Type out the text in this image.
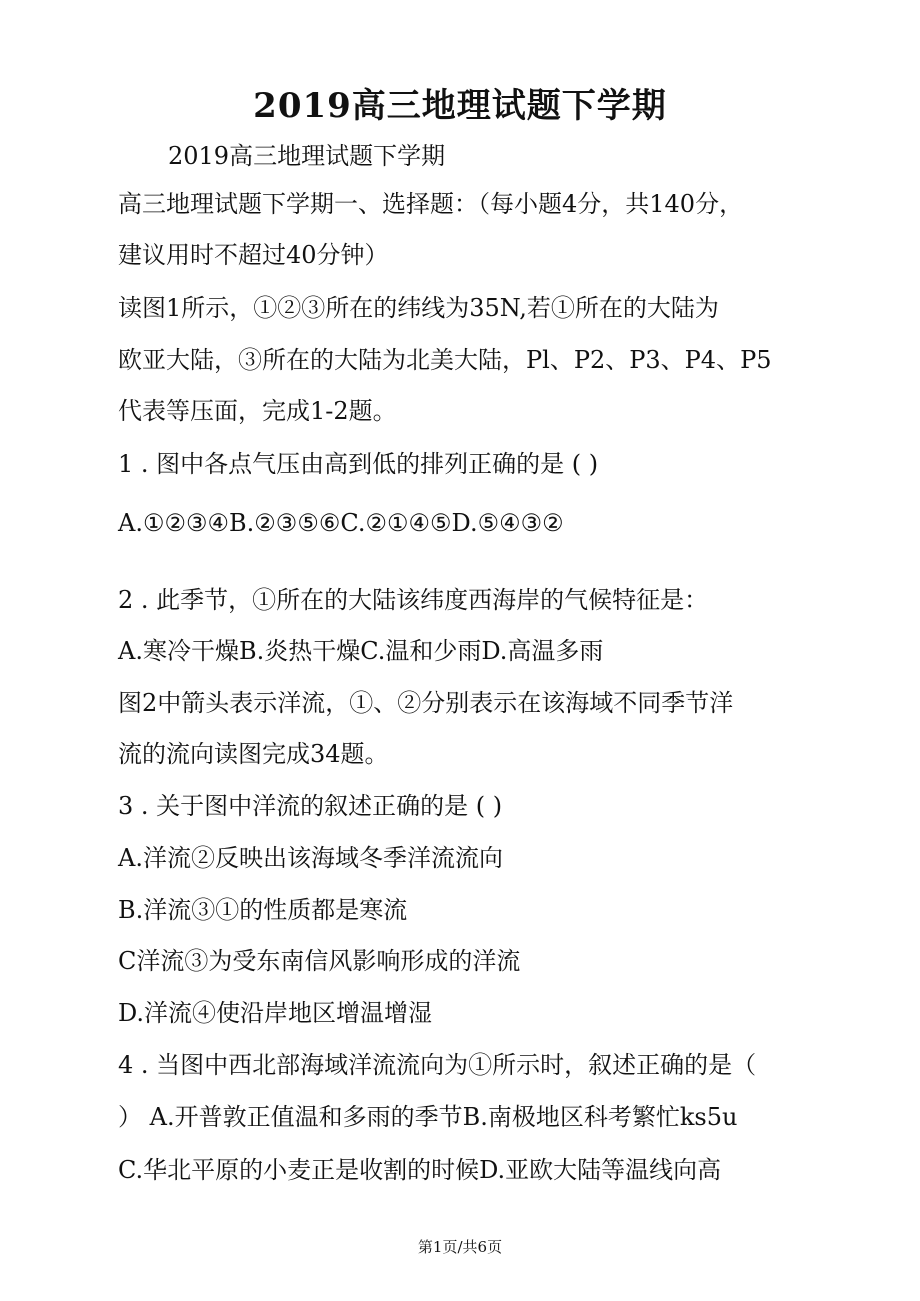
2019高三地理试题下学期
2019高三地理试题下学期
高三地理试题下学期一、选择题：（每小题4分，共140分，
建议用时不超过40分钟）
读图1所示，①②③所在的纬线为35N,若①所在的大陆为
欧亚大陆，③所在的大陆为北美大陆，Pl、P2、P3、P4、P5
代表等压面，完成1-2题。
1 . 图中各点气压由高到低的排列正确的是 ( )
A.①②③④B.②③⑤⑥C.②①④⑤D.⑤④③②
2 . 此季节，①所在的大陆该纬度西海岸的气候特征是：
A.寒冷干燥B.炎热干燥C.温和少雨D.高温多雨
图2中箭头表示洋流，①、②分别表示在该海域不同季节洋
流的流向读图完成34题。
3 . 关于图中洋流的叙述正确的是 ( )
A.洋流②反映出该海域冬季洋流流向
B.洋流③①的性质都是寒流
C洋流③为受东南信风影响形成的洋流
D.洋流④使沿岸地区增温增湿
4 . 当图中西北部海域洋流流向为①所示时，叙述正确的是（
） A.开普敦正值温和多雨的季节B.南极地区科考繁忙ks5u
C.华北平原的小麦正是收割的时候D.亚欧大陆等温线向高
第1页/共6页
